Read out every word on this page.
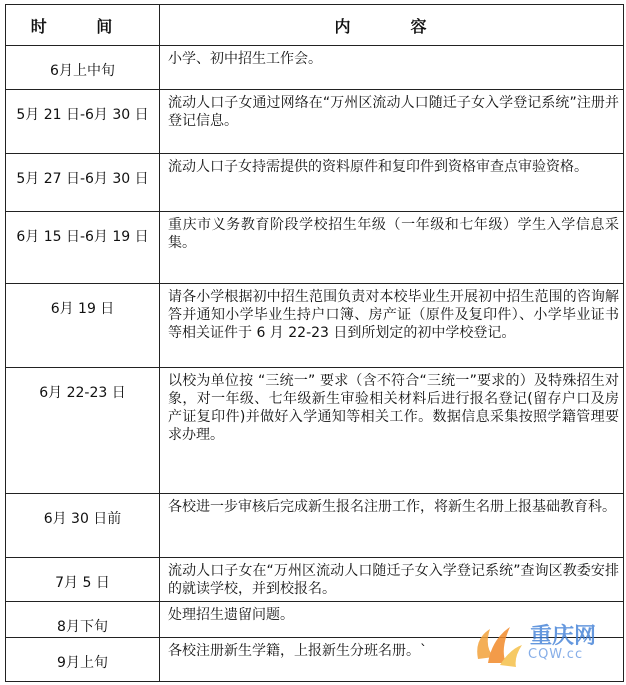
时 间	内　容
6月上中旬	小学、初中招生工作会。
5月 21 日-6月 30 日	流动人口子女通过网络在“万州区流动人口随迁子女入学登记系统”注册并登记信息。
5月 27 日-6月 30 日	流动人口子女持需提供的资料原件和复印件到资格审查点审验资格。
6月 15 日-6月 19 日	重庆市义务教育阶段学校招生年级（一年级和七年级）学生入学信息采集。
6月 19 日	请各小学根据初中招生范围负责对本校毕业生开展初中招生范围的咨询解答并通知小学毕业生持户口簿、房产证（原件及复印件）、小学毕业证书等相关证件于 6 月 22-23 日到所划定的初中学校登记。
6月 22-23 日	以校为单位按 “三统一” 要求（含不符合“三统一”要求的）及特殊招生对象，对一年级、七年级新生审验相关材料后进行报名登记(留存户口及房产证复印件)并做好入学通知等相关工作。数据信息采集按照学籍管理要求办理。
6月 30 日前	各校进一步审核后完成新生报名注册工作，将新生名册上报基础教育科。
7月 5 日	流动人口子女在“万州区流动人口随迁子女入学登记系统”查询区教委安排的就读学校，并到校报名。
8月下旬	处理招生遗留问题。
9月上旬	各校注册新生学籍，上报新生分班名册。`
重庆网
CQW.cc
